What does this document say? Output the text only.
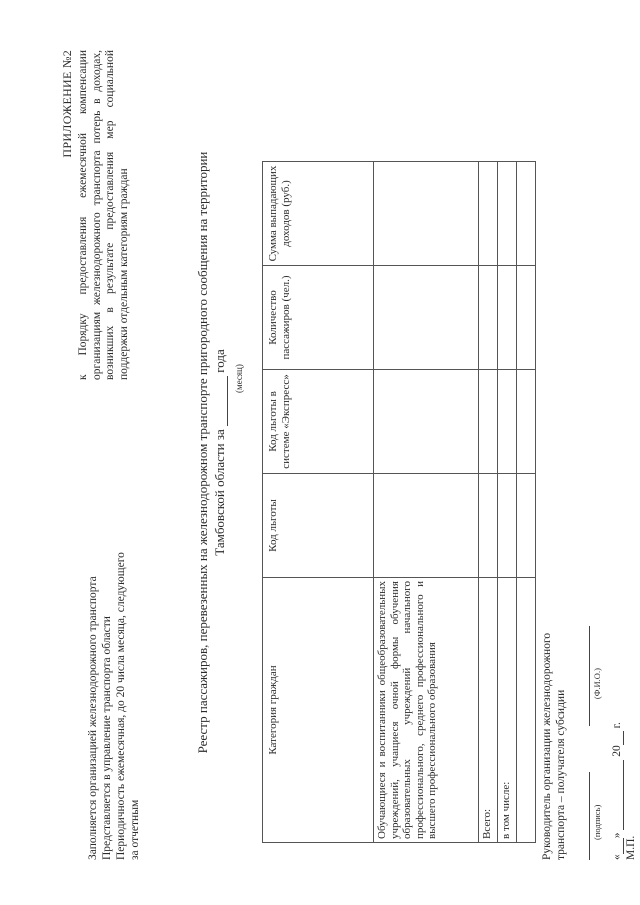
Заполняется организацией железнодорожного транспорта Представляется в управление транспорта области Периодичность ежемесячная, до 20 числа месяца, следующего за отчетным
ПРИЛОЖЕНИЕ №2 к Порядку предоставления ежемесячной компенсации организациям железнодорожного транспорта потерь в доходах, возникших в результате предоставления мер социальной поддержки отдельным категориям граждан	Реестр пассажиров, перевезенных на железнодорожном транспорте пригородного сообщения на территории Тамбовской области за  года
(месяц)
Категория граждан	Код льготы	Код льготы в системе «Экспресс»	Количество пассажиров (чел.)	Сумма выпадающих доходов (руб.)
Обучающиеся и воспитанники общеобразовательных учреждений, учащиеся очной формы обучения образовательных учреждений начального профессионального, среднего профессионального и высшего профессионального образования				
Всего:				
в том числе:				
					Руководитель организации железнодорожного транспорта – получателя субсидии
	(подпись) (Ф.И.О.)
«»  20 г.
М.П.
